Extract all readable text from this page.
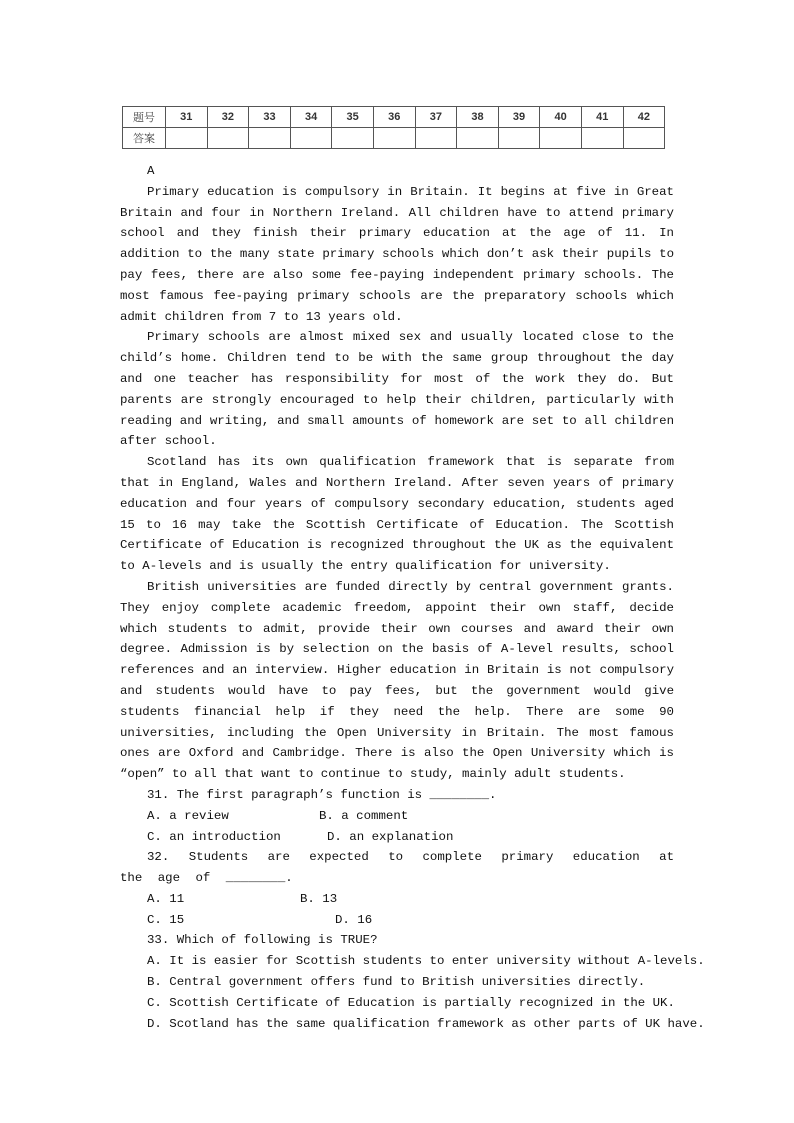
题号	31	32	33	34	35	36	37	38	39	40	41	42
答案												

A

Primary education is compulsory in Britain. It begins at five in Great Britain and four in Northern Ireland. All children have to attend primary school and they finish their primary education at the age of 11. In addition to the many state primary schools which don’t ask their pupils to pay fees, there are also some fee-paying independent primary schools. The most famous fee-paying primary schools are the preparatory schools which admit children from 7 to 13 years old.

Primary schools are almost mixed sex and usually located close to the child’s home. Children tend to be with the same group throughout the day and one teacher has responsibility for most of the work they do. But parents are strongly encouraged to help their children, particularly with reading and writing, and small amounts of homework are set to all children after school.

Scotland has its own qualification framework that is separate from that in England, Wales and Northern Ireland. After seven years of primary education and four years of compulsory secondary education, students aged 15 to 16 may take the Scottish Certificate of Education. The Scottish Certificate of Education is recognized throughout the UK as the equivalent to A-levels and is usually the entry qualification for university.

British universities are funded directly by central government grants. They enjoy complete academic freedom, appoint their own staff, decide which students to admit, provide their own courses and award their own degree. Admission is by selection on the basis of A-level results, school references and an interview. Higher education in Britain is not compulsory and students would have to pay fees, but the government would give students financial help if they need the help. There are some 90 universities, including the Open University in Britain. The most famous ones are Oxford and Cambridge. There is also the Open University which is “open” to all that want to continue to study, mainly adult students.

31. The first paragraph’s function is ________.

A. a review	B. a comment
C. an introduction	D. an explanation

32. Students are expected to complete primary education at the age of ________.

A. 11	B. 13
C. 15	D. 16

33. Which of following is TRUE?

A. It is easier for Scottish students to enter university without A-levels.
B. Central government offers fund to British universities directly.
C. Scottish Certificate of Education is partially recognized in the UK.
D. Scotland has the same qualification framework as other parts of UK have.
